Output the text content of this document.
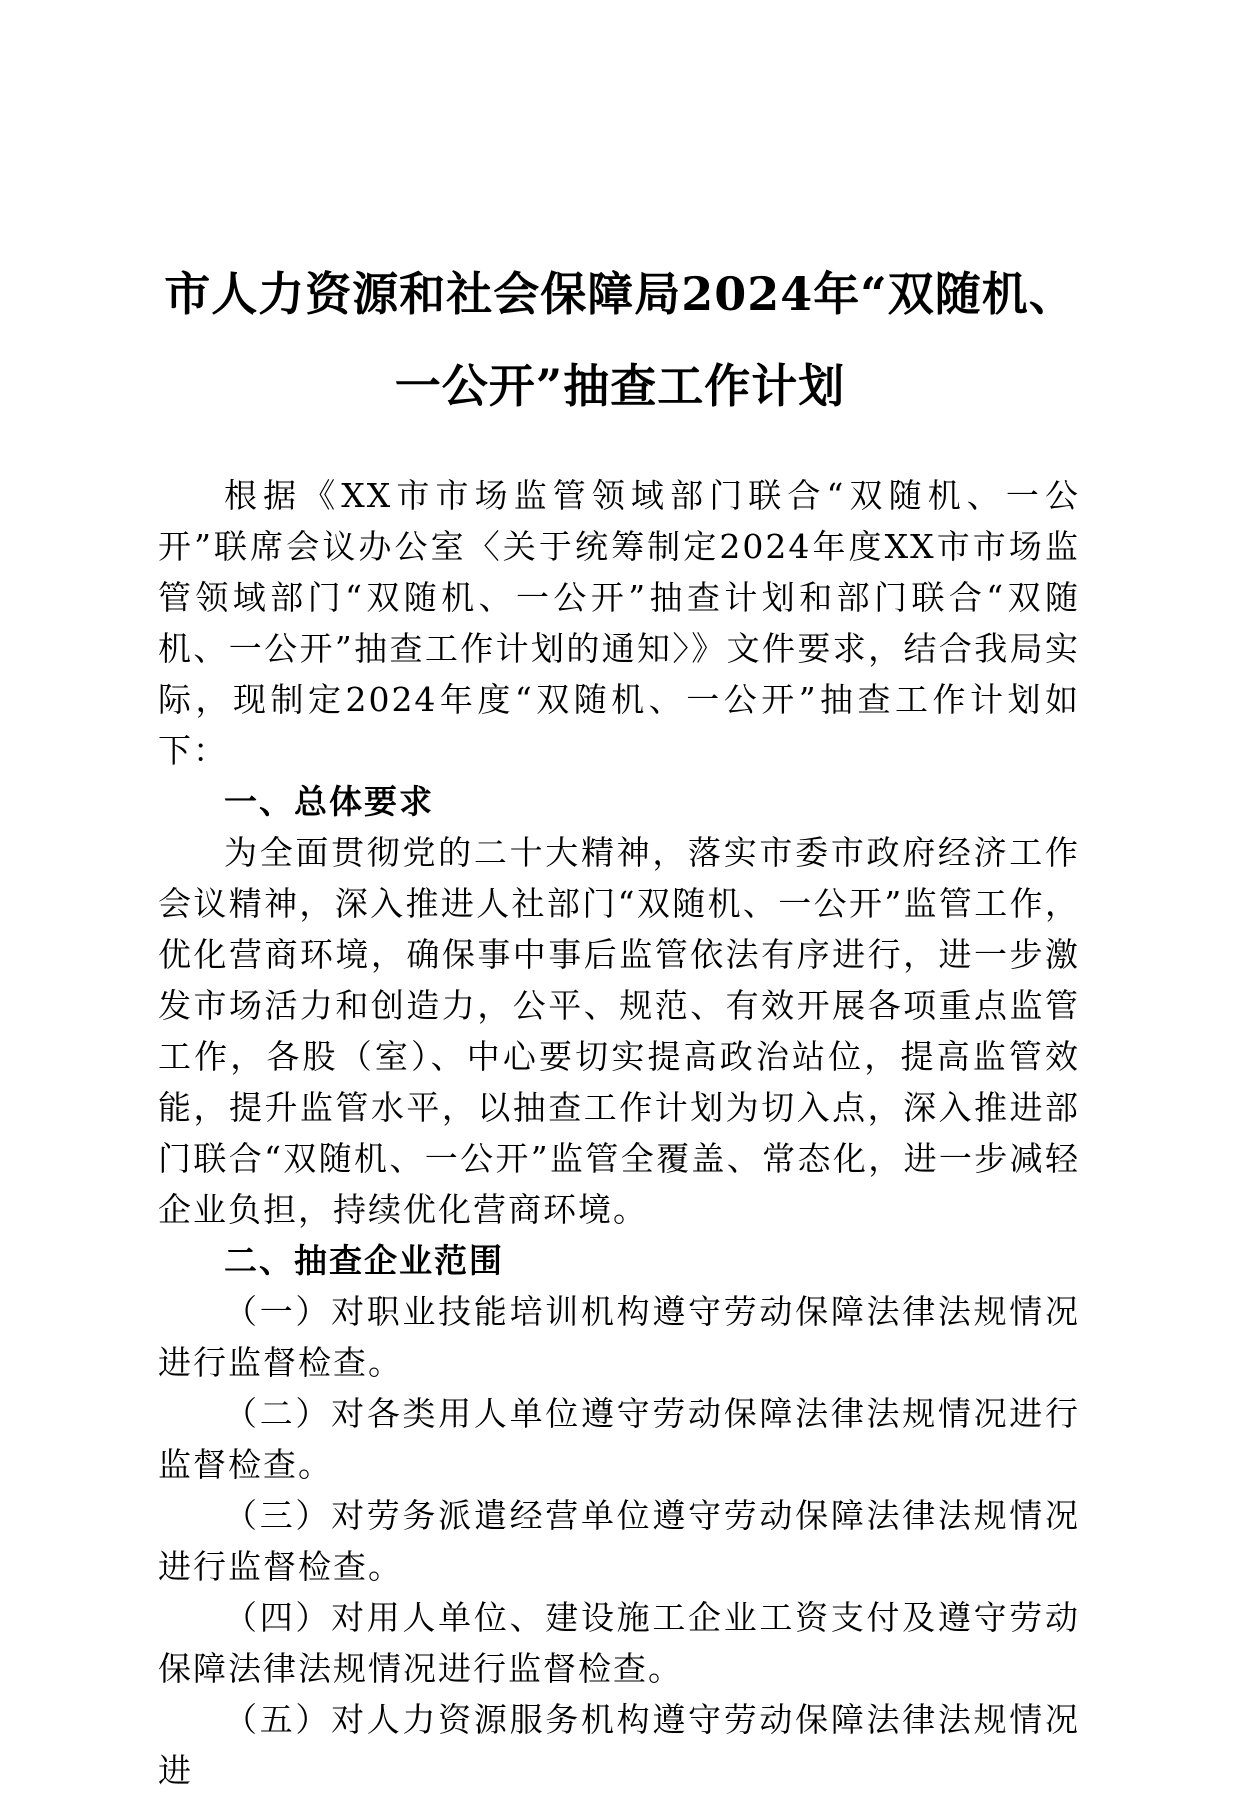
市人力资源和社会保障局2024年“双随机、
一公开”抽查工作计划

根据《XX市市场监管领域部门联合“双随机、一公开”联席会议办公室〈关于统筹制定2024年度XX市市场监管领域部门“双随机、一公开”抽查计划和部门联合“双随机、一公开”抽查工作计划的通知〉》文件要求，结合我局实际，现制定2024年度“双随机、一公开”抽查工作计划如下：

一、总体要求

为全面贯彻党的二十大精神，落实市委市政府经济工作会议精神，深入推进人社部门“双随机、一公开”监管工作，优化营商环境，确保事中事后监管依法有序进行，进一步激发市场活力和创造力，公平、规范、有效开展各项重点监管工作，各股（室）、中心要切实提高政治站位，提高监管效能，提升监管水平，以抽查工作计划为切入点，深入推进部门联合“双随机、一公开”监管全覆盖、常态化，进一步减轻企业负担，持续优化营商环境。

二、抽查企业范围

（一）对职业技能培训机构遵守劳动保障法律法规情况进行监督检查。

（二）对各类用人单位遵守劳动保障法律法规情况进行监督检查。

（三）对劳务派遣经营单位遵守劳动保障法律法规情况进行监督检查。

（四）对用人单位、建设施工企业工资支付及遵守劳动保障法律法规情况进行监督检查。

（五）对人力资源服务机构遵守劳动保障法律法规情况进
